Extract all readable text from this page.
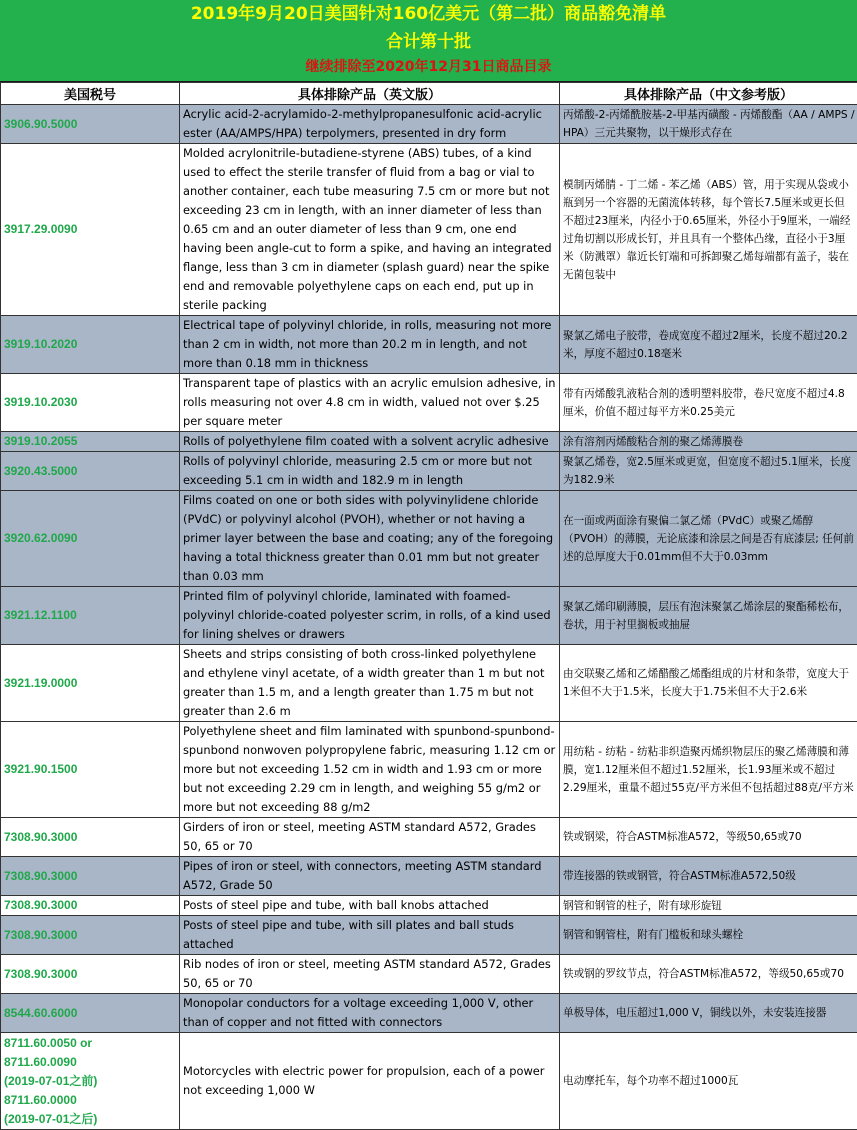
2019年9月20日美国针对160亿美元（第二批）商品豁免清单
合计第十批
继续排除至2020年12月31日商品目录
美国税号	具体排除产品（英文版）	具体排除产品（中文参考版）
3906.90.5000	Acrylic acid-2-acrylamido-2-methylpropanesulfonic acid-acrylic ester (AA/AMPS/HPA) terpolymers, presented in dry form	丙烯酸-2-丙烯酰胺基-2-甲基丙磺酸 - 丙烯酸酯（AA / AMPS / HPA）三元共聚物，以干燥形式存在
3917.29.0090	Molded acrylonitrile-butadiene-styrene (ABS) tubes, of a kind used to effect the sterile transfer of fluid from a bag or vial to another container, each tube measuring 7.5 cm or more but not exceeding 23 cm in length, with an inner diameter of less than 0.65 cm and an outer diameter of less than 9 cm, one end having been angle-cut to form a spike, and having an integrated flange, less than 3 cm in diameter (splash guard) near the spike end and removable polyethylene caps on each end, put up in sterile packing	模制丙烯腈 - 丁二烯 - 苯乙烯（ABS）管，用于实现从袋或小瓶到另一个容器的无菌流体转移，每个管长7.5厘米或更长但不超过23厘米，内径小于0.65厘米，外径小于9厘米，一端经过角切割以形成长钉，并且具有一个整体凸缘，直径小于3厘米（防溅罩）靠近长钉端和可拆卸聚乙烯每端都有盖子，装在无菌包装中
3919.10.2020	Electrical tape of polyvinyl chloride, in rolls, measuring not more than 2 cm in width, not more than 20.2 m in length, and not more than 0.18 mm in thickness	聚氯乙烯电子胶带，卷成宽度不超过2厘米，长度不超过20.2米，厚度不超过0.18毫米
3919.10.2030	Transparent tape of plastics with an acrylic emulsion adhesive, in rolls measuring not over 4.8 cm in width, valued not over $.25 per square meter	带有丙烯酸乳液粘合剂的透明塑料胶带，卷尺宽度不超过4.8厘米，价值不超过每平方米0.25美元
3919.10.2055	Rolls of polyethylene film coated with a solvent acrylic adhesive	涂有溶剂丙烯酸粘合剂的聚乙烯薄膜卷
3920.43.5000	Rolls of polyvinyl chloride, measuring 2.5 cm or more but not exceeding 5.1 cm in width and 182.9 m in length	聚氯乙烯卷，宽2.5厘米或更宽，但宽度不超过5.1厘米，长度为182.9米
3920.62.0090	Films coated on one or both sides with polyvinylidene chloride (PVdC) or polyvinyl alcohol (PVOH), whether or not having a primer layer between the base and coating; any of the foregoing having a total thickness greater than 0.01 mm but not greater than 0.03 mm	在一面或两面涂有聚偏二氯乙烯（PVdC）或聚乙烯醇（PVOH）的薄膜，无论底漆和涂层之间是否有底漆层; 任何前述的总厚度大于0.01mm但不大于0.03mm
3921.12.1100	Printed film of polyvinyl chloride, laminated with foamed-polyvinyl chloride-coated polyester scrim, in rolls, of a kind used for lining shelves or drawers	聚氯乙烯印刷薄膜，层压有泡沫聚氯乙烯涂层的聚酯稀松布，卷状，用于衬里搁板或抽屉
3921.19.0000	Sheets and strips consisting of both cross-linked polyethylene and ethylene vinyl acetate, of a width greater than 1 m but not greater than 1.5 m, and a length greater than 1.75 m but not greater than 2.6 m	由交联聚乙烯和乙烯醋酸乙烯酯组成的片材和条带，宽度大于1米但不大于1.5米，长度大于1.75米但不大于2.6米
3921.90.1500	Polyethylene sheet and film laminated with spunbond-spunbond-spunbond nonwoven polypropylene fabric, measuring 1.12 cm or more but not exceeding 1.52 cm in width and 1.93 cm or more but not exceeding 2.29 cm in length, and weighing 55 g/m2 or more but not exceeding 88 g/m2	用纺粘 - 纺粘 - 纺粘非织造聚丙烯织物层压的聚乙烯薄膜和薄膜，宽1.12厘米但不超过1.52厘米，长1.93厘米或不超过2.29厘米，重量不超过55克/平方米但不包括超过88克/平方米
7308.90.3000	Girders of iron or steel, meeting ASTM standard A572, Grades 50, 65 or 70	铁或钢梁，符合ASTM标准A572，等级50,65或70
7308.90.3000	Pipes of iron or steel, with connectors, meeting ASTM standard A572, Grade 50	带连接器的铁或钢管，符合ASTM标准A572,50级
7308.90.3000	Posts of steel pipe and tube, with ball knobs attached	钢管和钢管的柱子，附有球形旋钮
7308.90.3000	Posts of steel pipe and tube, with sill plates and ball studs attached	钢管和钢管柱，附有门槛板和球头螺栓
7308.90.3000	Rib nodes of iron or steel, meeting ASTM standard A572, Grades 50, 65 or 70	铁或钢的罗纹节点，符合ASTM标准A572，等级50,65或70
8544.60.6000	Monopolar conductors for a voltage exceeding 1,000 V, other than of copper and not fitted with connectors	单极导体，电压超过1,000 V，铜线以外，未安装连接器
8711.60.0050 or
8711.60.0090
(2019-07-01之前)
8711.60.0000
(2019-07-01之后)	Motorcycles with electric power for propulsion, each of a power not exceeding 1,000 W	电动摩托车，每个功率不超过1000瓦
